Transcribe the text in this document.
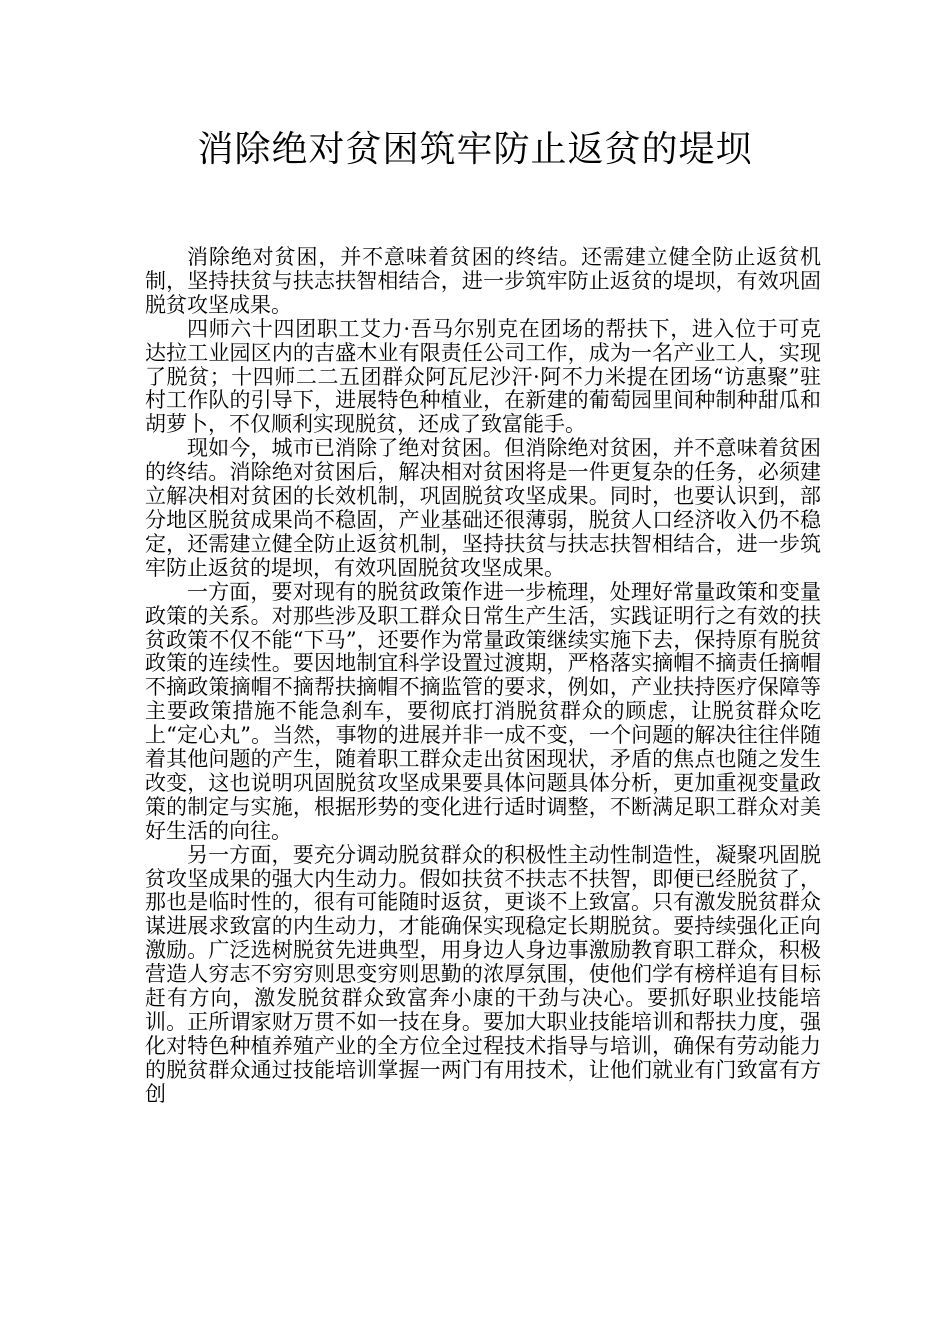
消除绝对贫困筑牢防止返贫的堤坝

消除绝对贫困，并不意味着贫困的终结。还需建立健全防止返贫机制，坚持扶贫与扶志扶智相结合，进一步筑牢防止返贫的堤坝，有效巩固脱贫攻坚成果。

四师六十四团职工艾力·吾马尔别克在团场的帮扶下，进入位于可克达拉工业园区内的吉盛木业有限责任公司工作，成为一名产业工人，实现了脱贫；十四师二二五团群众阿瓦尼沙汗·阿不力米提在团场“访惠聚”驻村工作队的引导下，进展特色种植业，在新建的葡萄园里间种制种甜瓜和胡萝卜，不仅顺利实现脱贫，还成了致富能手。

现如今，城市已消除了绝对贫困。但消除绝对贫困，并不意味着贫困的终结。消除绝对贫困后，解决相对贫困将是一件更复杂的任务，必须建立解决相对贫困的长效机制，巩固脱贫攻坚成果。同时，也要认识到，部分地区脱贫成果尚不稳固，产业基础还很薄弱，脱贫人口经济收入仍不稳定，还需建立健全防止返贫机制，坚持扶贫与扶志扶智相结合，进一步筑牢防止返贫的堤坝，有效巩固脱贫攻坚成果。

一方面，要对现有的脱贫政策作进一步梳理，处理好常量政策和变量政策的关系。对那些涉及职工群众日常生产生活，实践证明行之有效的扶贫政策不仅不能“下马”，还要作为常量政策继续实施下去，保持原有脱贫政策的连续性。要因地制宜科学设置过渡期，严格落实摘帽不摘责任摘帽不摘政策摘帽不摘帮扶摘帽不摘监管的要求，例如，产业扶持医疗保障等主要政策措施不能急刹车，要彻底打消脱贫群众的顾虑，让脱贫群众吃上“定心丸”。当然，事物的进展并非一成不变，一个问题的解决往往伴随着其他问题的产生，随着职工群众走出贫困现状，矛盾的焦点也随之发生改变，这也说明巩固脱贫攻坚成果要具体问题具体分析，更加重视变量政策的制定与实施，根据形势的变化进行适时调整，不断满足职工群众对美好生活的向往。

另一方面，要充分调动脱贫群众的积极性主动性制造性，凝聚巩固脱贫攻坚成果的强大内生动力。假如扶贫不扶志不扶智，即便已经脱贫了，那也是临时性的，很有可能随时返贫，更谈不上致富。只有激发脱贫群众谋进展求致富的内生动力，才能确保实现稳定长期脱贫。要持续强化正向激励。广泛选树脱贫先进典型，用身边人身边事激励教育职工群众，积极营造人穷志不穷穷则思变穷则思勤的浓厚氛围，使他们学有榜样追有目标赶有方向，激发脱贫群众致富奔小康的干劲与决心。要抓好职业技能培训。正所谓家财万贯不如一技在身。要加大职业技能培训和帮扶力度，强化对特色种植养殖产业的全方位全过程技术指导与培训，确保有劳动能力的脱贫群众通过技能培训掌握一两门有用技术，让他们就业有门致富有方创
